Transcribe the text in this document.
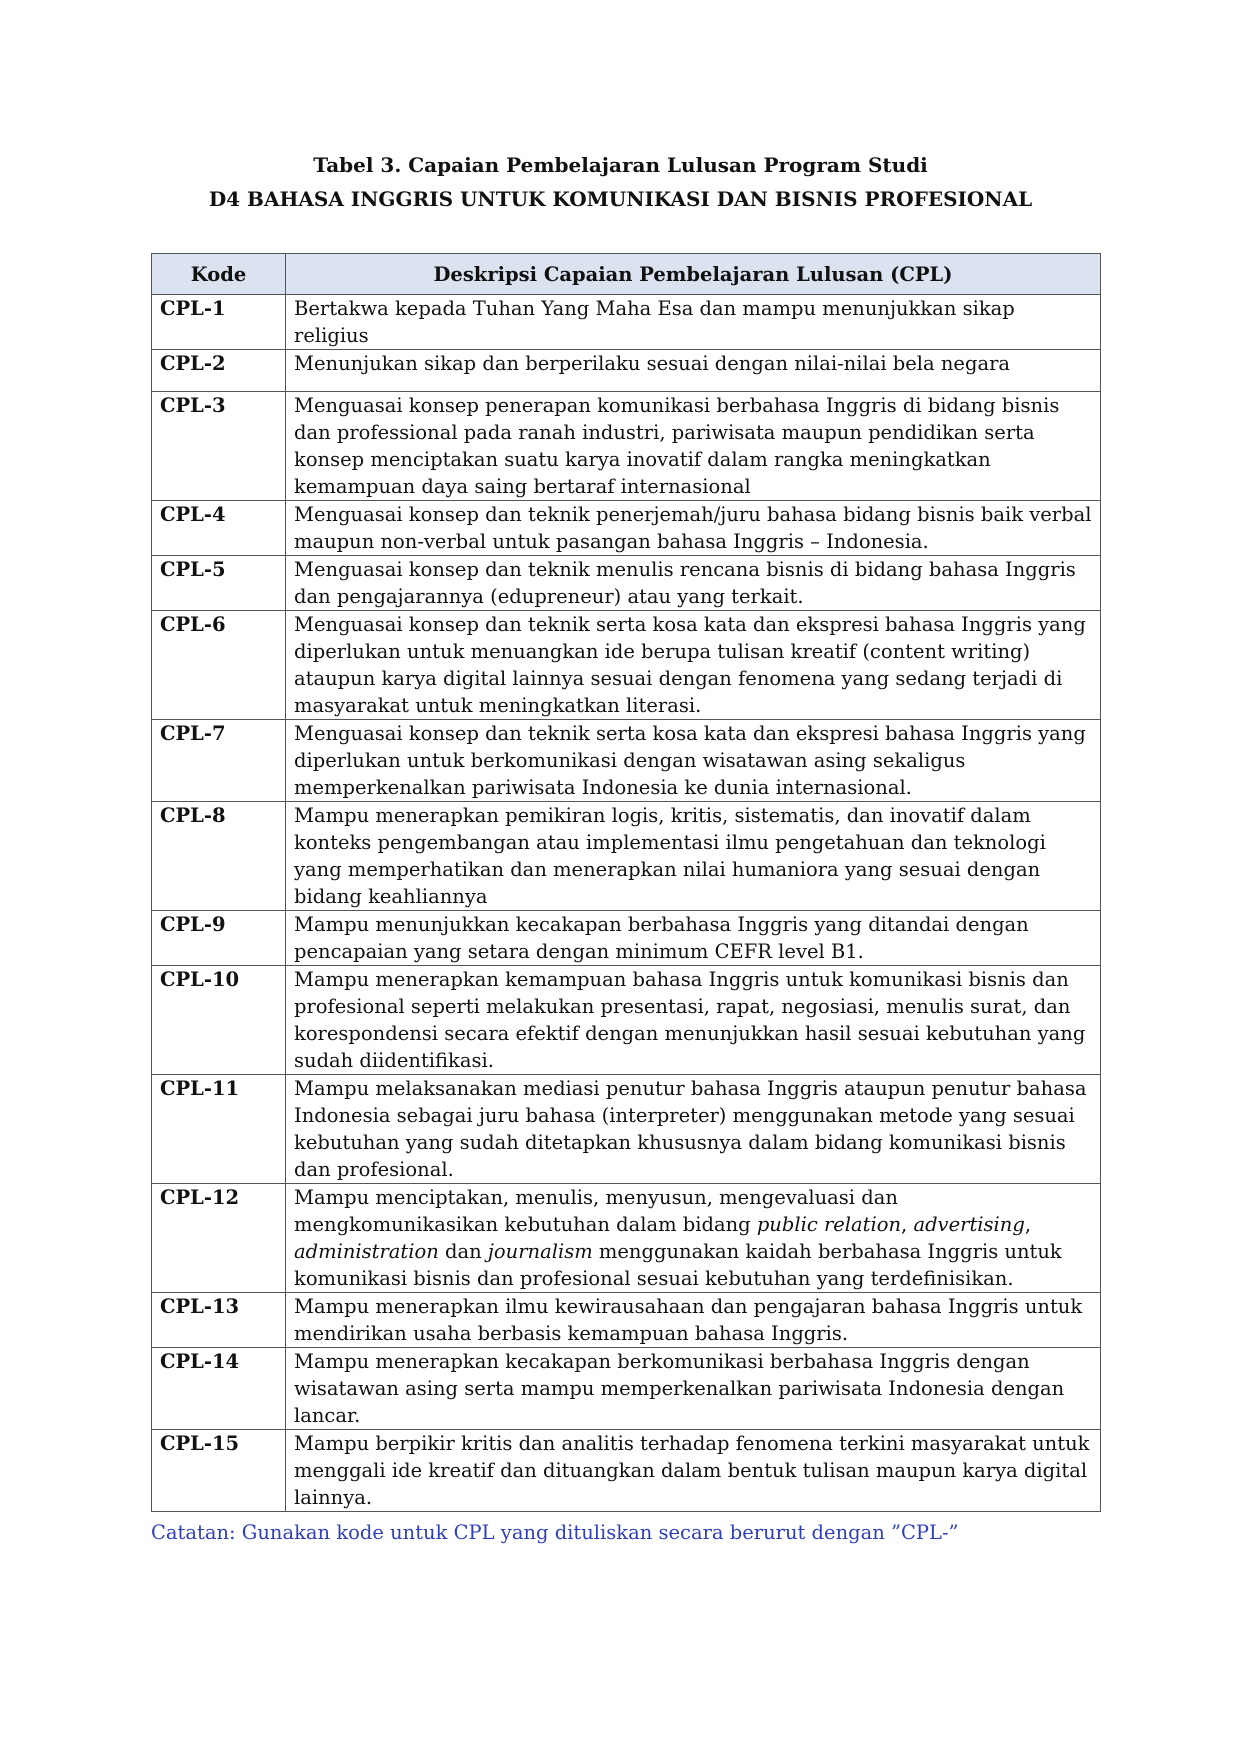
Tabel 3. Capaian Pembelajaran Lulusan Program Studi
D4 BAHASA INGGRIS UNTUK KOMUNIKASI DAN BISNIS PROFESIONAL
Kode	Deskripsi Capaian Pembelajaran Lulusan (CPL)
CPL-1	Bertakwa kepada Tuhan Yang Maha Esa dan mampu menunjukkan sikap religius
CPL-2	Menunjukan sikap dan berperilaku sesuai dengan nilai-nilai bela negara
CPL-3	Menguasai konsep penerapan komunikasi berbahasa Inggris di bidang bisnis dan professional pada ranah industri, pariwisata maupun pendidikan serta konsep menciptakan suatu karya inovatif dalam rangka meningkatkan kemampuan daya saing bertaraf internasional
CPL-4	Menguasai konsep dan teknik penerjemah/juru bahasa bidang bisnis baik verbal maupun non-verbal untuk pasangan bahasa Inggris – Indonesia.
CPL-5	Menguasai konsep dan teknik menulis rencana bisnis di bidang bahasa Inggris dan pengajarannya (edupreneur) atau yang terkait.
CPL-6	Menguasai konsep dan teknik serta kosa kata dan ekspresi bahasa Inggris yang diperlukan untuk menuangkan ide berupa tulisan kreatif (content writing) ataupun karya digital lainnya sesuai dengan fenomena yang sedang terjadi di masyarakat untuk meningkatkan literasi.
CPL-7	Menguasai konsep dan teknik serta kosa kata dan ekspresi bahasa Inggris yang diperlukan untuk berkomunikasi dengan wisatawan asing sekaligus memperkenalkan pariwisata Indonesia ke dunia internasional.
CPL-8	Mampu menerapkan pemikiran logis, kritis, sistematis, dan inovatif dalam konteks pengembangan atau implementasi ilmu pengetahuan dan teknologi yang memperhatikan dan menerapkan nilai humaniora yang sesuai dengan bidang keahliannya
CPL-9	Mampu menunjukkan kecakapan berbahasa Inggris yang ditandai dengan pencapaian yang setara dengan minimum CEFR level B1.
CPL-10	Mampu menerapkan kemampuan bahasa Inggris untuk komunikasi bisnis dan profesional seperti melakukan presentasi, rapat, negosiasi, menulis surat, dan korespondensi secara efektif dengan menunjukkan hasil sesuai kebutuhan yang sudah diidentifikasi.
CPL-11	Mampu melaksanakan mediasi penutur bahasa Inggris ataupun penutur bahasa Indonesia sebagai juru bahasa (interpreter) menggunakan metode yang sesuai kebutuhan yang sudah ditetapkan khususnya dalam bidang komunikasi bisnis dan profesional.
CPL-12	Mampu menciptakan, menulis, menyusun, mengevaluasi dan mengkomunikasikan kebutuhan dalam bidang public relation, advertising, administration dan journalism menggunakan kaidah berbahasa Inggris untuk komunikasi bisnis dan profesional sesuai kebutuhan yang terdefinisikan.
CPL-13	Mampu menerapkan ilmu kewirausahaan dan pengajaran bahasa Inggris untuk mendirikan usaha berbasis kemampuan bahasa Inggris.
CPL-14	Mampu menerapkan kecakapan berkomunikasi berbahasa Inggris dengan wisatawan asing serta mampu memperkenalkan pariwisata Indonesia dengan lancar.
CPL-15	Mampu berpikir kritis dan analitis terhadap fenomena terkini masyarakat untuk menggali ide kreatif dan dituangkan dalam bentuk tulisan maupun karya digital lainnya.
Catatan: Gunakan kode untuk CPL yang dituliskan secara berurut dengan ”CPL-”
